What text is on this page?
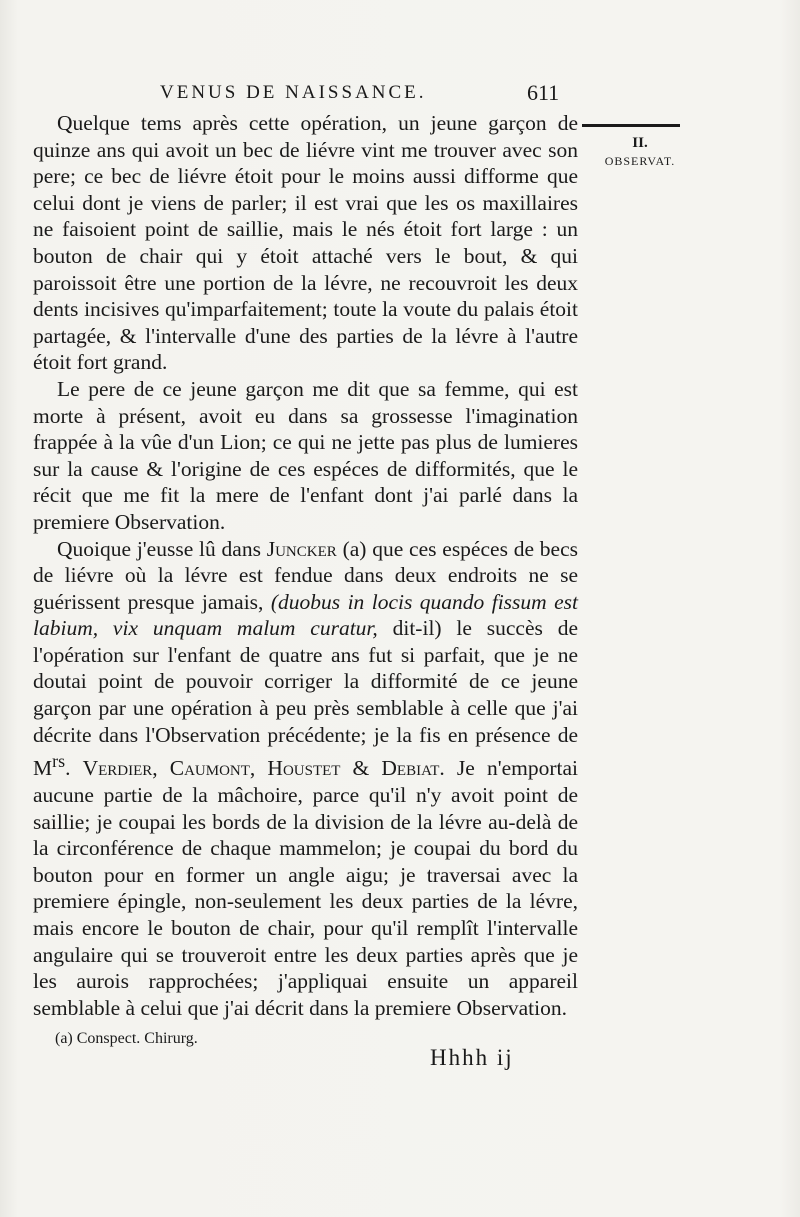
VENUS DE NAISSANCE.	611
II.
OBSERVAT.

Quelque tems après cette opération, un jeune garçon de quinze ans qui avoit un bec de liévre vint me trouver avec son pere; ce bec de liévre étoit pour le moins aussi difforme que celui dont je viens de parler; il est vrai que les os maxillaires ne faisoient point de saillie, mais le nés étoit fort large : un bouton de chair qui y étoit attaché vers le bout, & qui paroissoit être une portion de la lévre, ne recouvroit les deux dents incisives qu'imparfaitement; toute la voute du palais étoit partagée, & l'intervalle d'une des parties de la lévre à l'autre étoit fort grand.

Le pere de ce jeune garçon me dit que sa femme, qui est morte à présent, avoit eu dans sa grossesse l'imagination frappée à la vûe d'un Lion; ce qui ne jette pas plus de lumieres sur la cause & l'origine de ces espéces de difformités, que le récit que me fit la mere de l'enfant dont j'ai parlé dans la premiere Observation.

Quoique j'eusse lû dans Juncker (a) que ces espéces de becs de liévre où la lévre est fendue dans deux endroits ne se guérissent presque jamais, (duobus in locis quando fissum est labium, vix unquam malum curatur, dit-il) le succès de l'opération sur l'enfant de quatre ans fut si parfait, que je ne doutai point de pouvoir corriger la difformité de ce jeune garçon par une opération à peu près semblable à celle que j'ai décrite dans l'Observation précédente; je la fis en présence de $M^{rs}$. Verdier, Caumont, Houstet & Debiat. Je n'emportai aucune partie de la mâchoire, parce qu'il n'y avoit point de saillie; je coupai les bords de la division de la lévre au-delà de la circonférence de chaque mammelon; je coupai du bord du bouton pour en former un angle aigu; je traversai avec la premiere épingle, non-seulement les deux parties de la lévre, mais encore le bouton de chair, pour qu'il remplît l'intervalle angulaire qui se trouveroit entre les deux parties après que je les aurois rapprochées; j'appliquai ensuite un appareil semblable à celui que j'ai décrit dans la premiere Observation.

(a) Conspect. Chirurg.
Hhhh ij
